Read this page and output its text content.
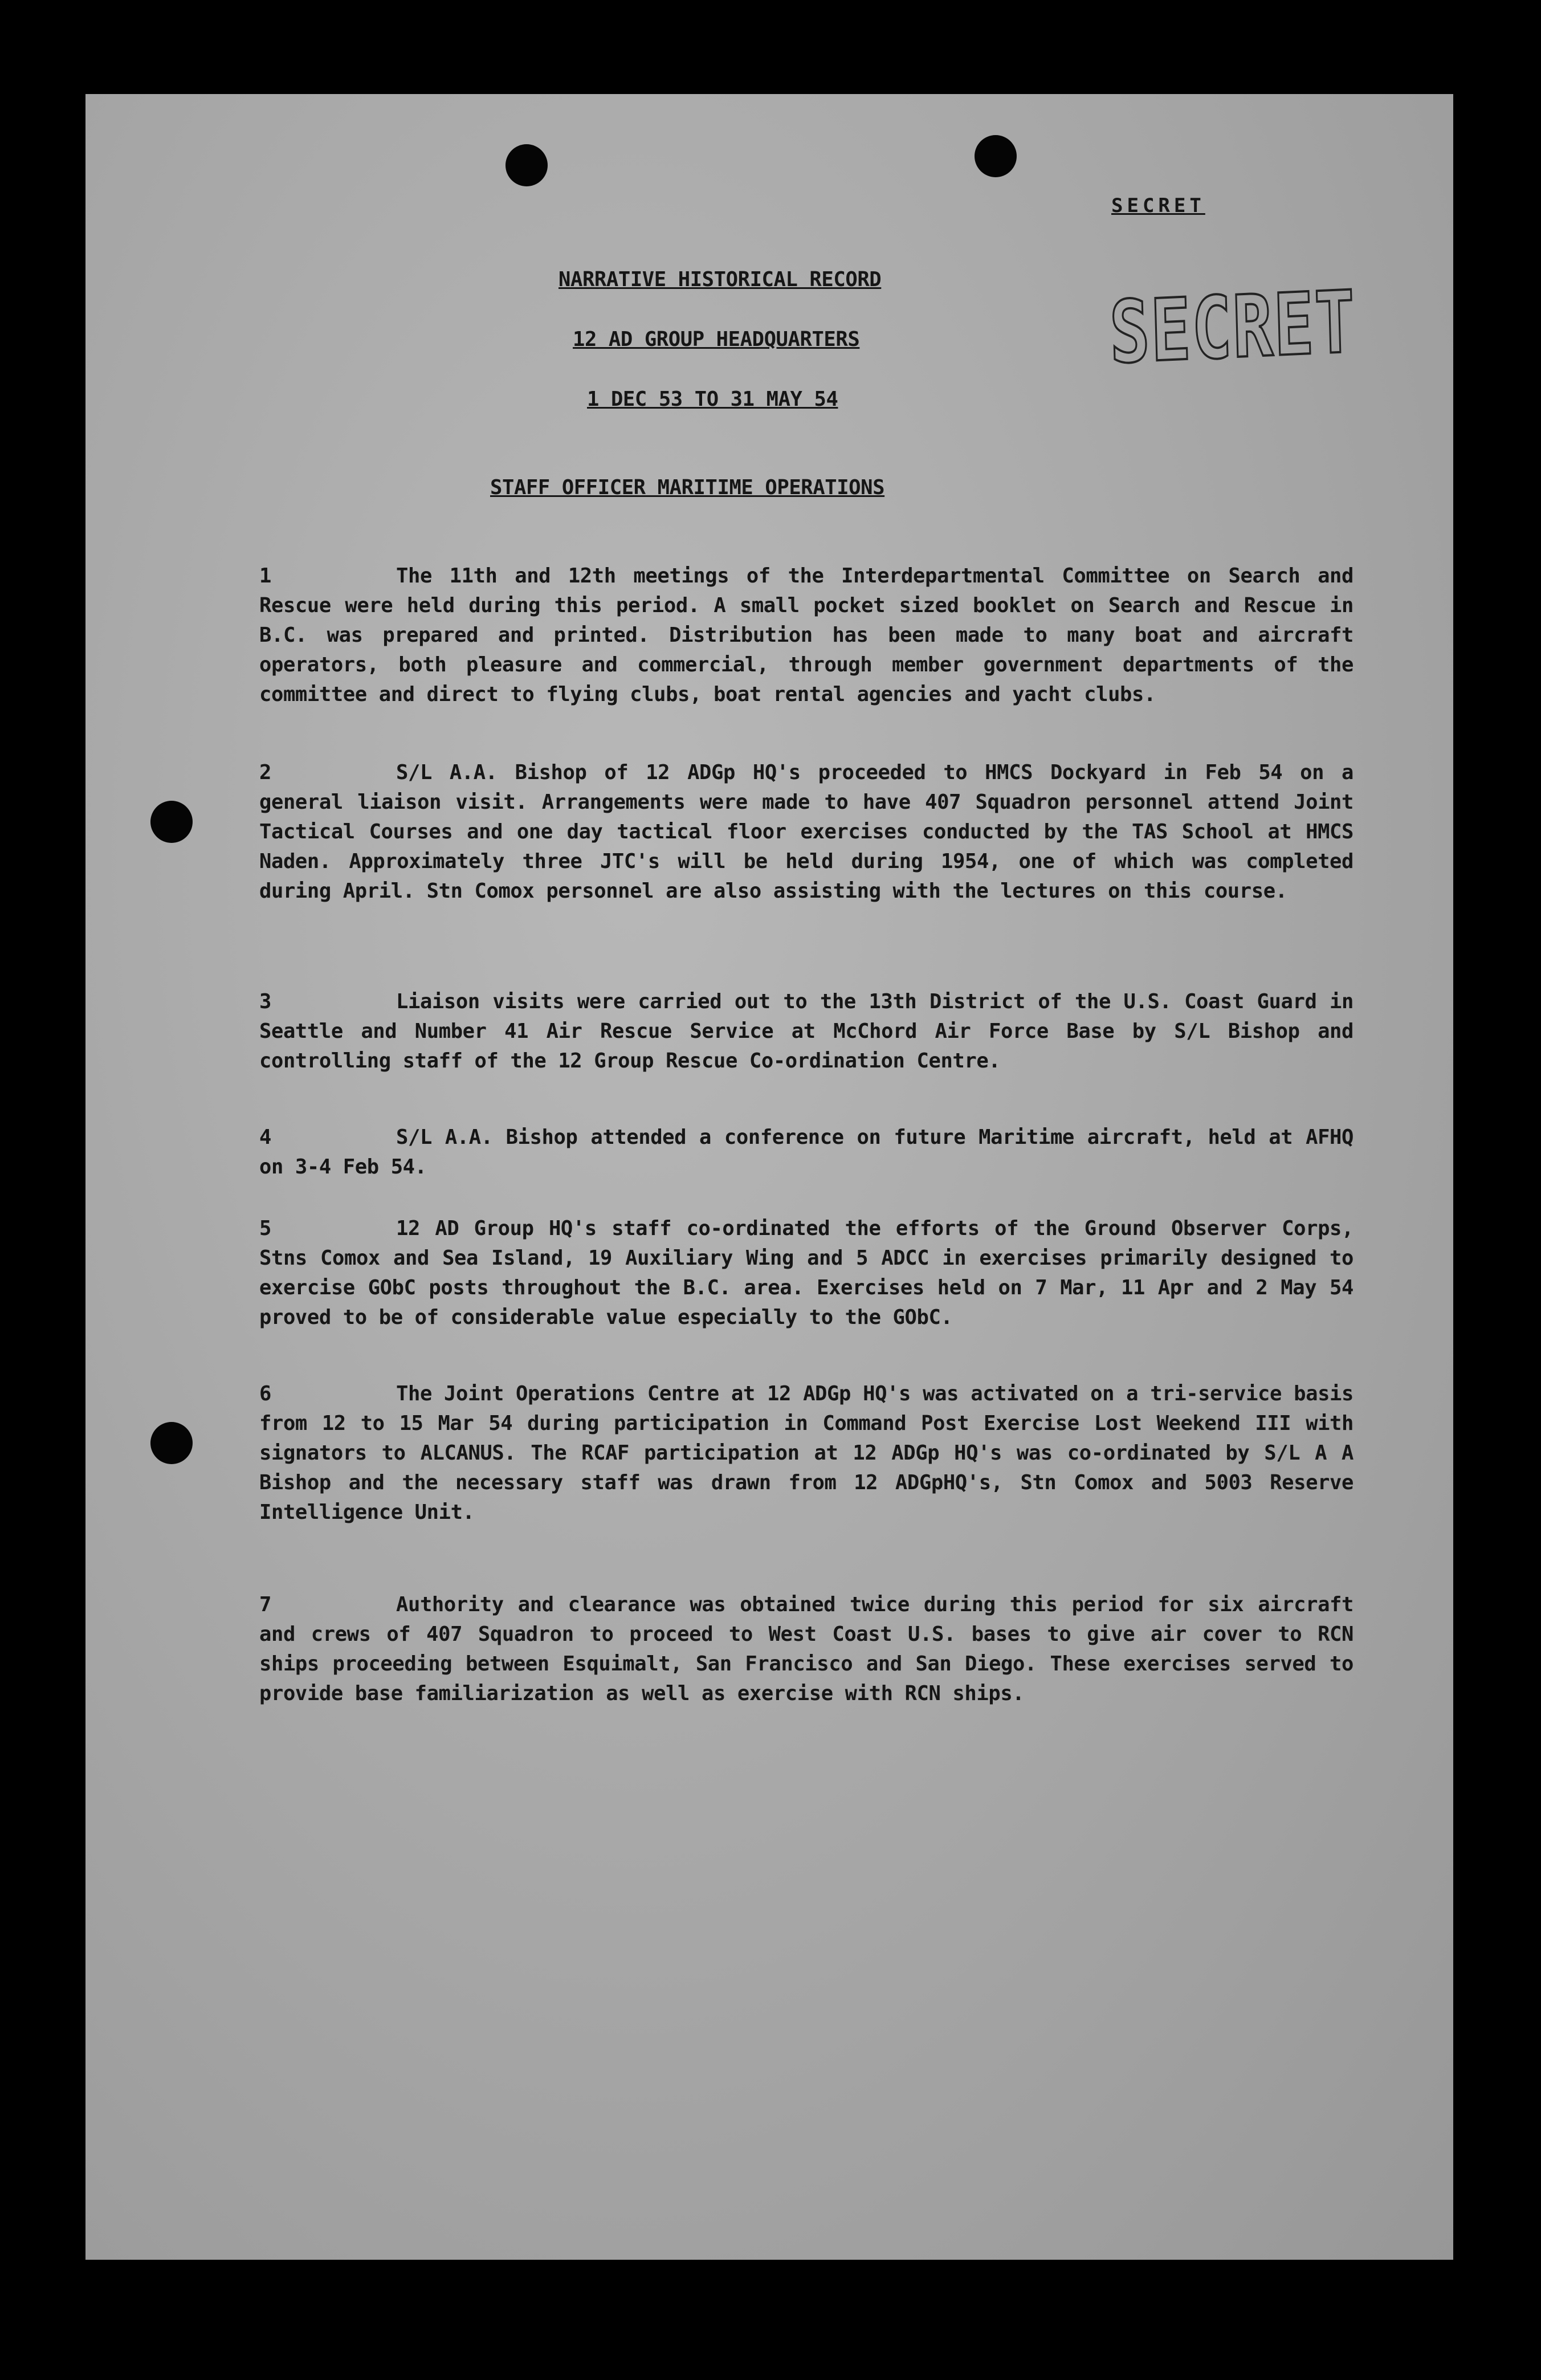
SECRET
SECRET
NARRATIVE HISTORICAL RECORD
12 AD GROUP HEADQUARTERS
1 DEC 53 TO 31 MAY 54
STAFF OFFICER MARITIME OPERATIONS
1	The 11th and 12th meetings of the Interdepartmental Committee on Search and Rescue were held during this period. A small pocket sized booklet on Search and Rescue in B.C. was prepared and printed. Distribution has been made to many boat and aircraft operators, both pleasure and commercial, through member government departments of the committee and direct to flying clubs, boat rental agencies and yacht clubs.
2	S/L A.A. Bishop of 12 ADGp HQ's proceeded to HMCS Dockyard in Feb 54 on a general liaison visit. Arrangements were made to have 407 Squadron personnel attend Joint Tactical Courses and one day tactical floor exercises conducted by the TAS School at HMCS Naden. Approximately three JTC's will be held during 1954, one of which was completed during April. Stn Comox personnel are also assisting with the lectures on this course.
3	Liaison visits were carried out to the 13th District of the U.S. Coast Guard in Seattle and Number 41 Air Rescue Service at McChord Air Force Base by S/L Bishop and controlling staff of the 12 Group Rescue Co-ordination Centre.
4	S/L A.A. Bishop attended a conference on future Maritime aircraft, held at AFHQ on 3-4 Feb 54.
5	12 AD Group HQ's staff co-ordinated the efforts of the Ground Observer Corps, Stns Comox and Sea Island, 19 Auxiliary Wing and 5 ADCC in exercises primarily designed to exercise GObC posts throughout the B.C. area. Exercises held on 7 Mar, 11 Apr and 2 May 54 proved to be of considerable value especially to the GObC.
6	The Joint Operations Centre at 12 ADGp HQ's was activated on a tri-service basis from 12 to 15 Mar 54 during participation in Command Post Exercise Lost Weekend III with signators to ALCANUS. The RCAF participation at 12 ADGp HQ's was co-ordinated by S/L A A Bishop and the necessary staff was drawn from 12 ADGpHQ's, Stn Comox and 5003 Reserve Intelligence Unit.
7	Authority and clearance was obtained twice during this period for six aircraft and crews of 407 Squadron to proceed to West Coast U.S. bases to give air cover to RCN ships proceeding between Esquimalt, San Francisco and San Diego. These exercises served to provide base familiarization as well as exercise with RCN ships.
